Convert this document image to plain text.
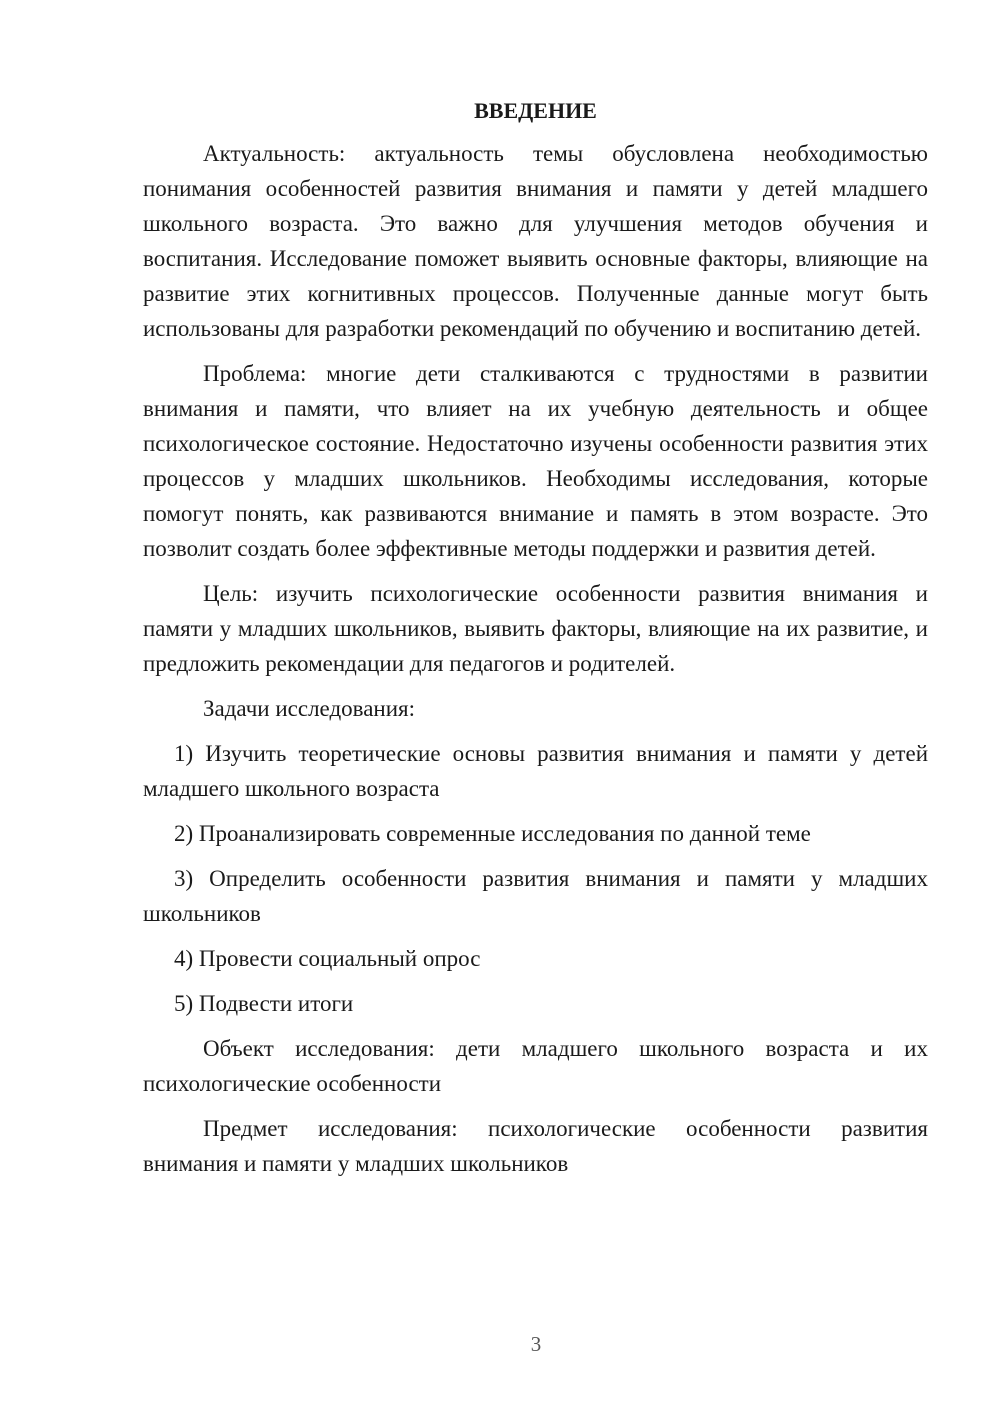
ВВЕДЕНИЕ

Актуальность: актуальность темы обусловлена необходимостью понимания особенностей развития внимания и памяти у детей младшего школьного возраста. Это важно для улучшения методов обучения и воспитания. Исследование поможет выявить основные факторы, влияющие на развитие этих когнитивных процессов. Полученные данные могут быть использованы для разработки рекомендаций по обучению и воспитанию детей.

Проблема: многие дети сталкиваются с трудностями в развитии внимания и памяти, что влияет на их учебную деятельность и общее психологическое состояние. Недостаточно изучены особенности развития этих процессов у младших школьников. Необходимы исследования, которые помогут понять, как развиваются внимание и память в этом возрасте. Это позволит создать более эффективные методы поддержки и развития детей.

Цель: изучить психологические особенности развития внимания и памяти у младших школьников, выявить факторы, влияющие на их развитие, и предложить рекомендации для педагогов и родителей.

Задачи исследования:

1) Изучить теоретические основы развития внимания и памяти у детей младшего школьного возраста

2) Проанализировать современные исследования по данной теме

3) Определить особенности развития внимания и памяти у младших школьников

4) Провести социальный опрос

5) Подвести итоги

Объект исследования: дети младшего школьного возраста и их психологические особенности

Предмет исследования: психологические особенности развития внимания и памяти у младших школьников

3
